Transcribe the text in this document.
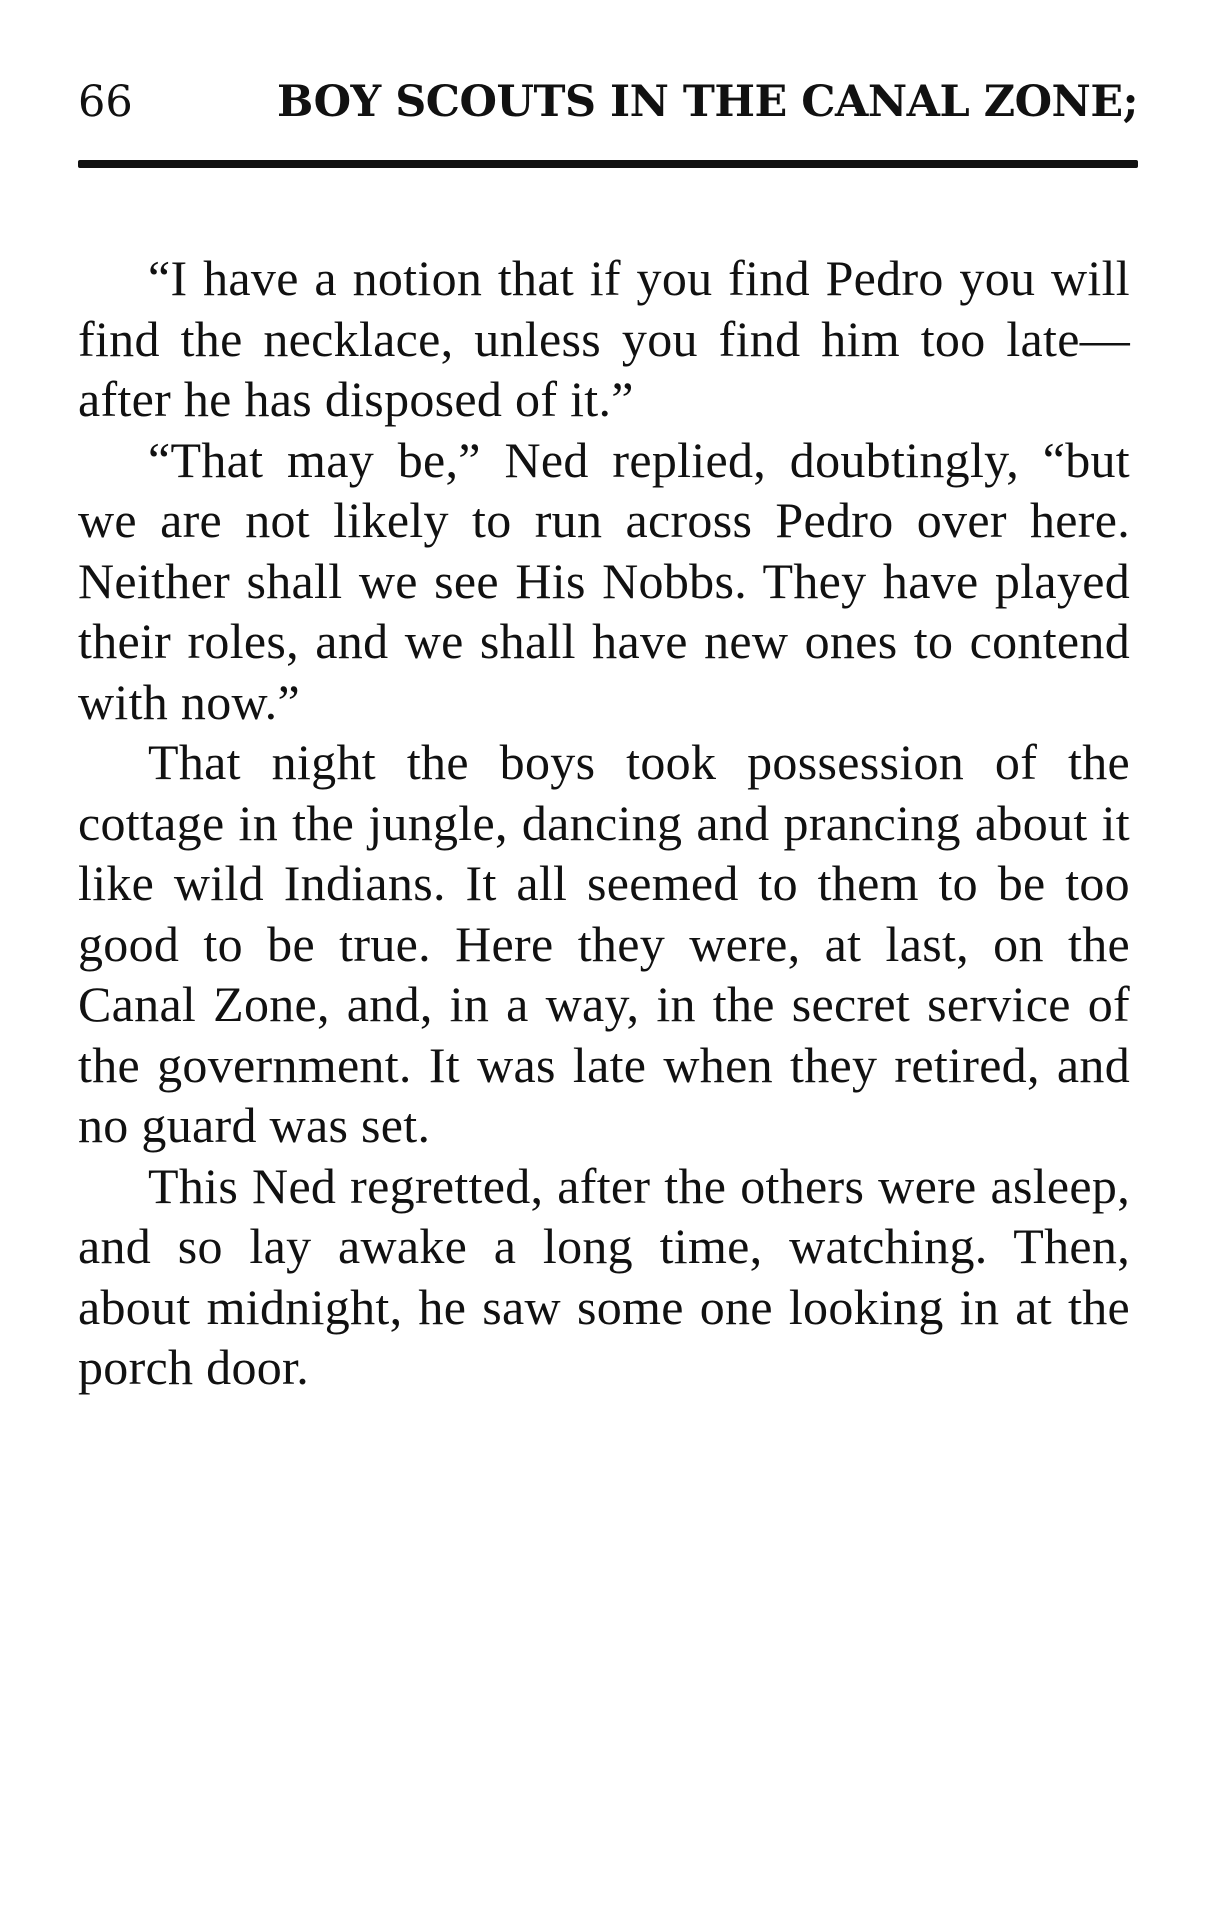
66	BOY SCOUTS IN THE CANAL ZONE;

“I have a notion that if you find Pedro you will find the necklace, unless you find him too late—after he has disposed of it.”

“That may be,” Ned replied, doubtingly, “but we are not likely to run across Pedro over here. Neither shall we see His Nobbs. They have played their roles, and we shall have new ones to contend with now.”

That night the boys took possession of the cottage in the jungle, dancing and prancing about it like wild Indians. It all seemed to them to be too good to be true. Here they were, at last, on the Canal Zone, and, in a way, in the secret service of the government. It was late when they retired, and no guard was set.

This Ned regretted, after the others were asleep, and so lay awake a long time, watching. Then, about midnight, he saw some one looking in at the porch door.
